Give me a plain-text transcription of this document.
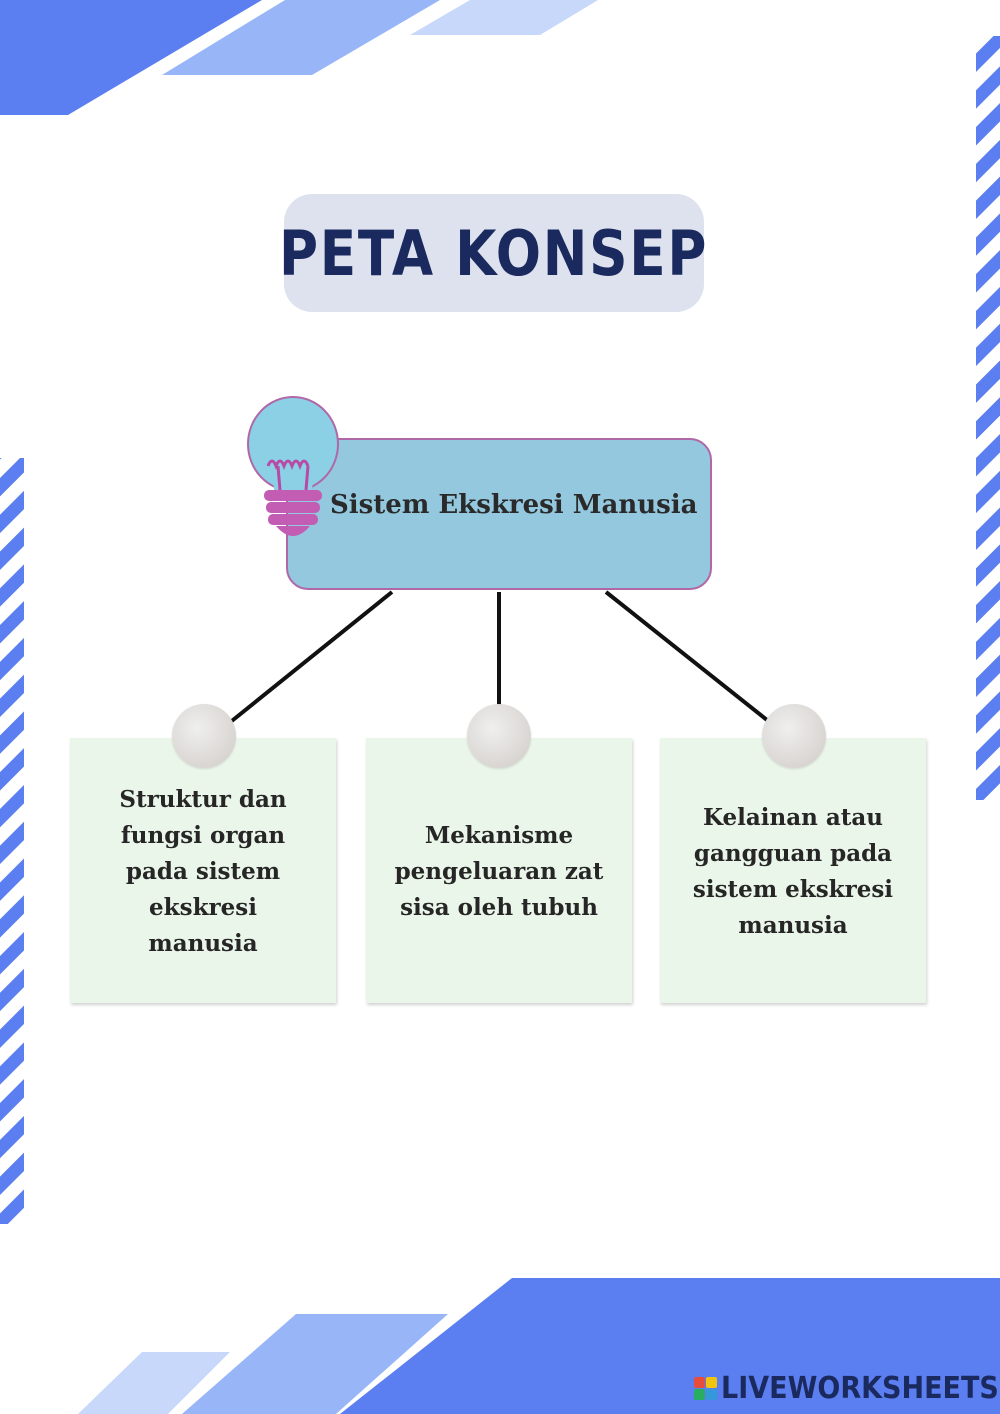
PETA KONSEP
Sistem Ekskresi Manusia
Struktur dan fungsi organ pada sistem ekskresi manusia
Mekanisme pengeluaran zat sisa oleh tubuh
Kelainan atau gangguan pada sistem ekskresi manusia
LIVEWORKSHEETS
